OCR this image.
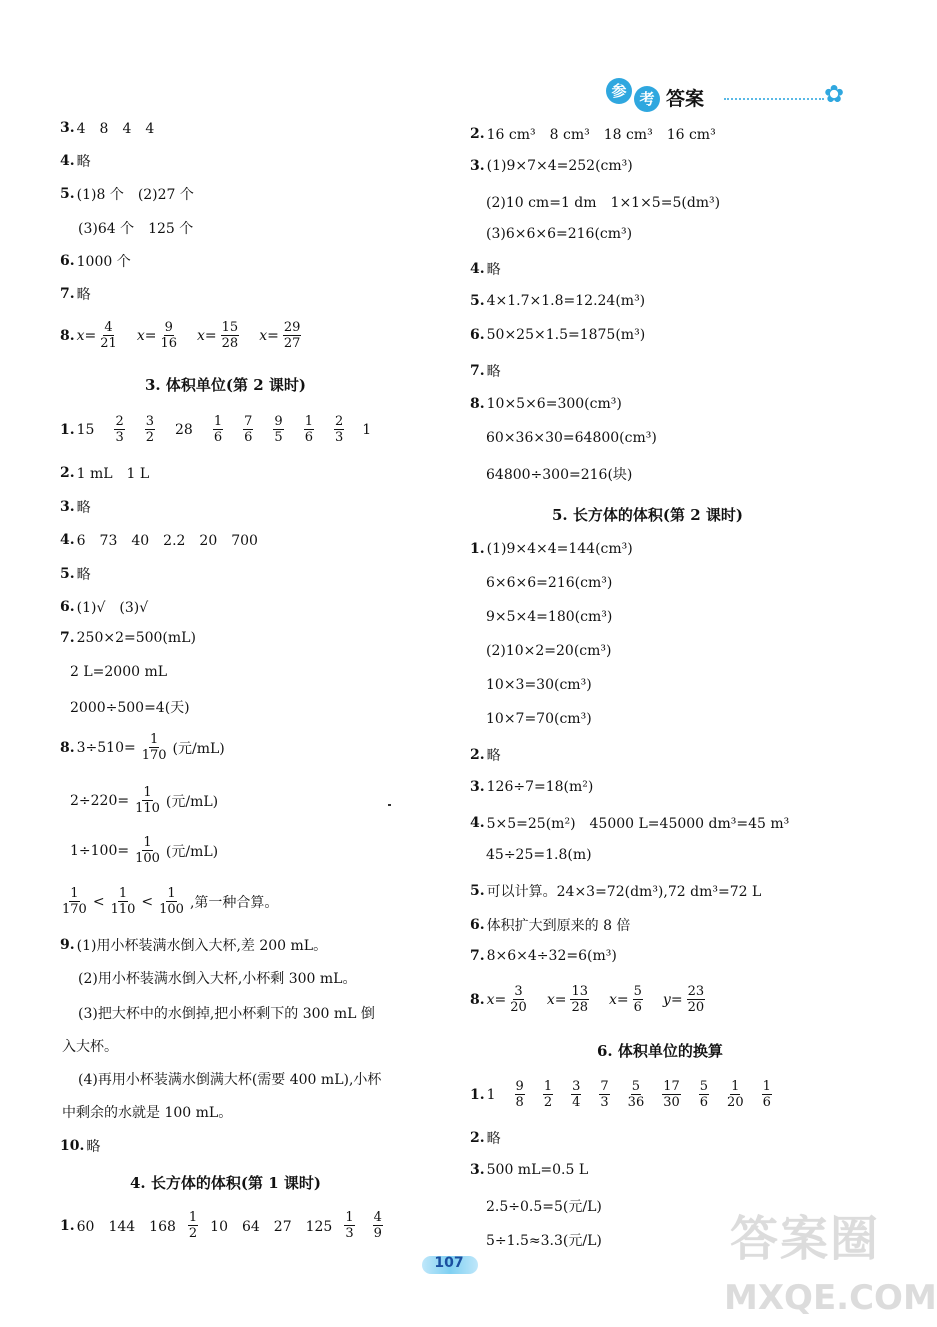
参 考 答案	✿
3. 4　8　4　4
4. 略
5. (1)8 个　(2)27 个
(3)64 个　125 个
6. 1000 个
7. 略
8. $x= \frac{4}{21} x= \frac{9}{16} x= \frac{15}{28} x= \frac{29}{27}$
3. 体积单位(第 2 课时)
1. $15 \frac{2}{3} \frac{3}{2} 28 \frac{1}{6} \frac{7}{6} \frac{9}{5} \frac{1}{6} \frac{2}{3} 1$
2. 1 mL　1 L
3. 略
4. 6　73　40　2.2　20　700
5. 略
6. (1)√　(3)√
7. 250×2=500(mL)
2 L=2000 mL
2000÷500=4(天)
8. $3\div 510= \frac{1}{170}$ (元/mL)
$2\div 220= \frac{1}{110}$ (元/mL)
$1\div 100= \frac{1}{100}$ (元/mL)
$\frac{1}{170} < \frac{1}{110} < \frac{1}{100}$ ,第一种合算。
9. (1)用小杯装满水倒入大杯,差 200 mL。
(2)用小杯装满水倒入大杯,小杯剩 300 mL。
(3)把大杯中的水倒掉,把小杯剩下的 300 mL 倒
入大杯。
(4)再用小杯装满水倒满大杯(需要 400 mL),小杯
中剩余的水就是 100 mL。
10. 略
4. 长方体的体积(第 1 课时)
1. 60　144　$168 \frac{1}{2} 10$　64　27　$125 \frac{1}{3} \frac{4}{9}$
2. 16 cm³　8 cm³　18 cm³　16 cm³
3. (1)9×7×4=252(cm³)
(2)10 cm=1 dm　1×1×5=5(dm³)
(3)6×6×6=216(cm³)
4. 略
5. 4×1.7×1.8=12.24(m³)
6. 50×25×1.5=1875(m³)
7. 略
8. 10×5×6=300(cm³)
60×36×30=64800(cm³)
64800÷300=216(块)
5. 长方体的体积(第 2 课时)
1. (1)9×4×4=144(cm³)
6×6×6=216(cm³)
9×5×4=180(cm³)
(2)10×2=20(cm³)
10×3=30(cm³)
10×7=70(cm³)
2. 略
3. 126÷7=18(m²)
4. 5×5=25(m²)　45000 L=45000 dm³=45 m³
45÷25=1.8(m)
5. 可以计算。24×3=72(dm³),72 dm³=72 L
6. 体积扩大到原来的 8 倍
7. 8×6×4÷32=6(m³)
8. $x= \frac{3}{20} x= \frac{13}{28} x= \frac{5}{6} y= \frac{23}{20}$
6. 体积单位的换算
1. $1 \frac{9}{8} \frac{1}{2} \frac{3}{4} \frac{7}{3} \frac{5}{36} \frac{17}{30} \frac{5}{6} \frac{1}{20} \frac{1}{6}$
2. 略
3. 500 mL=0.5 L
2.5÷0.5=5(元/L)
5÷1.5≈3.3(元/L)
107	答案圈
MXQE.COM
